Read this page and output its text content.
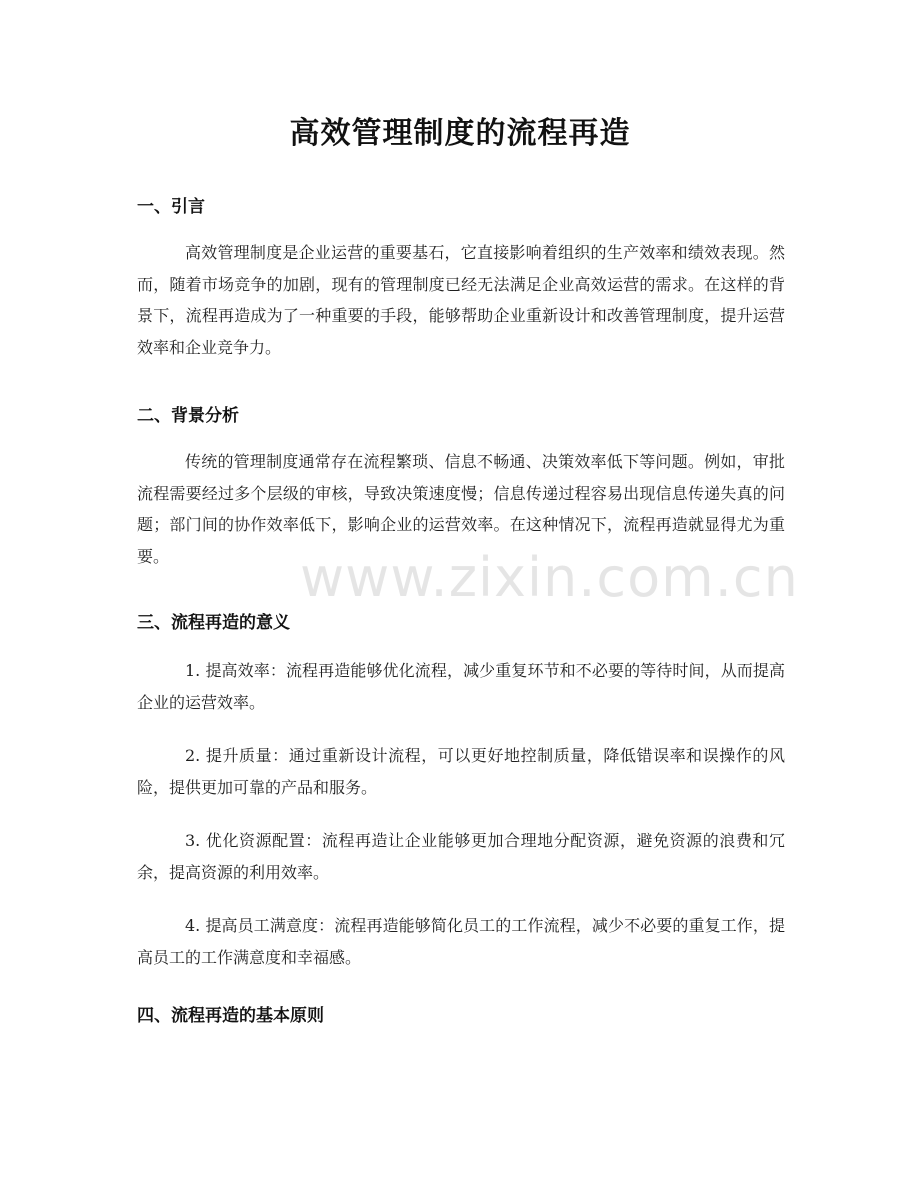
高效管理制度的流程再造
一、引言

高效管理制度是企业运营的重要基石，它直接影响着组织的生产效率和绩效表现。然而，随着市场竞争的加剧，现有的管理制度已经无法满足企业高效运营的需求。在这样的背景下，流程再造成为了一种重要的手段，能够帮助企业重新设计和改善管理制度，提升运营效率和企业竞争力。

二、背景分析

传统的管理制度通常存在流程繁琐、信息不畅通、决策效率低下等问题。例如，审批流程需要经过多个层级的审核，导致决策速度慢；信息传递过程容易出现信息传递失真的问题；部门间的协作效率低下，影响企业的运营效率。在这种情况下，流程再造就显得尤为重要。

三、流程再造的意义

1. 提高效率：流程再造能够优化流程，减少重复环节和不必要的等待时间，从而提高企业的运营效率。

2. 提升质量：通过重新设计流程，可以更好地控制质量，降低错误率和误操作的风险，提供更加可靠的产品和服务。

3. 优化资源配置：流程再造让企业能够更加合理地分配资源，避免资源的浪费和冗余，提高资源的利用效率。

4. 提高员工满意度：流程再造能够简化员工的工作流程，减少不必要的重复工作，提高员工的工作满意度和幸福感。

四、流程再造的基本原则
www.zixin.com.cn
